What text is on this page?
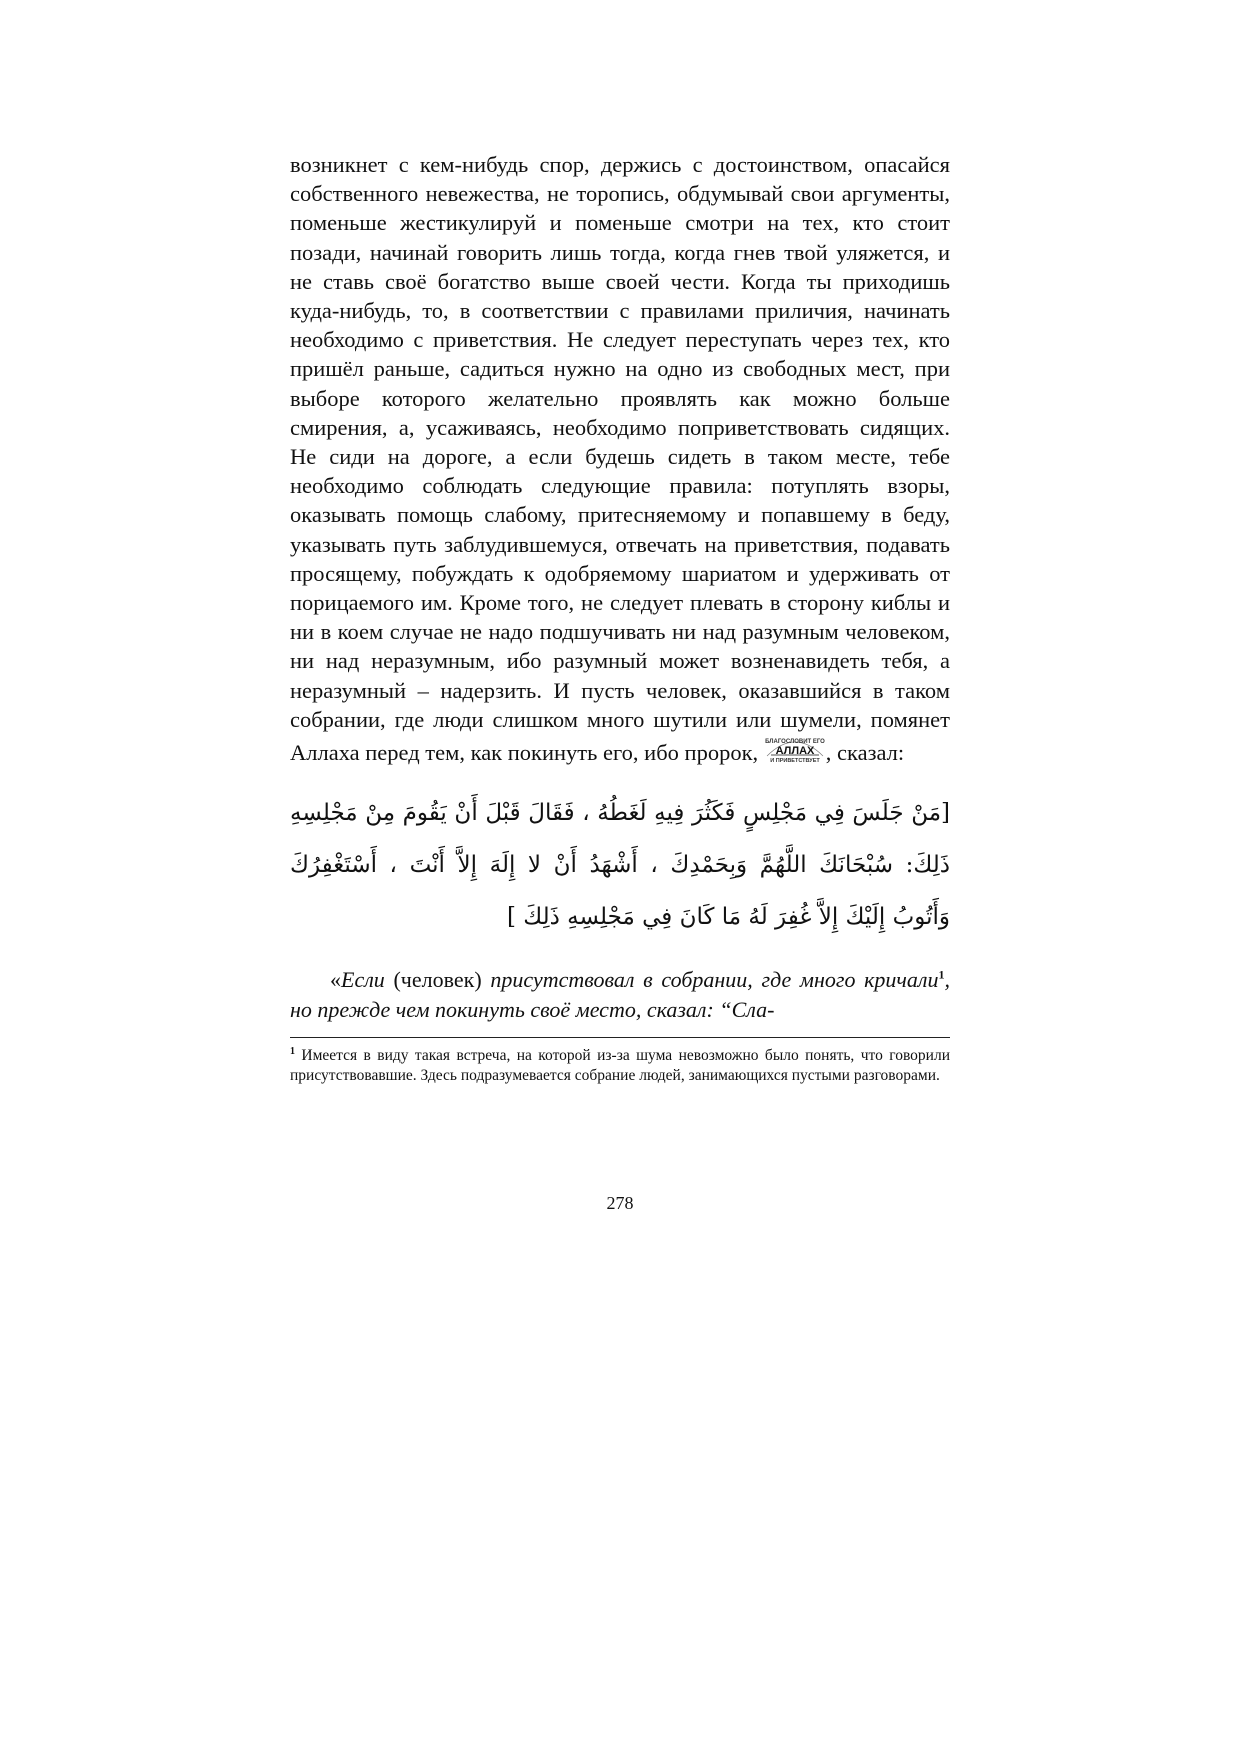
возникнет с кем-нибудь спор, держись с достоинством, опасайся собственного невежества, не торопись, обдумывай свои аргументы, поменьше жестикулируй и поменьше смотри на тех, кто стоит позади, начинай говорить лишь тогда, когда гнев твой уляжется, и не ставь своё богатство выше своей чести. Когда ты приходишь куда-нибудь, то, в соответствии с правилами приличия, начинать необходимо с приветствия. Не следует переступать через тех, кто пришёл раньше, садиться нужно на одно из свободных мест, при выборе которого желательно проявлять как можно больше смирения, а, усаживаясь, необходимо поприветствовать сидящих. Не сиди на дороге, а если будешь сидеть в таком месте, тебе необходимо соблюдать следующие правила: потуплять взоры, оказывать помощь слабому, притесняемому и попавшему в беду, указывать путь заблудившемуся, отвечать на приветствия, подавать просящему, побуждать к одобряемому шариатом и удерживать от порицаемого им. Кроме того, не следует плевать в сторону киблы и ни в коем случае не надо подшучивать ни над разумным человеком, ни над неразумным, ибо разумный может возненавидеть тебя, а неразумный – надерзить. И пусть человек, оказавшийся в таком собрании, где люди слишком много шутили или шумели, помянет Аллаха перед тем, как покинуть его, ибо пророк, БЛАГОСЛОВИТ ЕГО
АЛЛАХ
И ПРИВЕТСТВУЕТ , сказал:

[مَنْ جَلَسَ فِي مَجْلِسٍ فَكَثُرَ فِيهِ لَغَطُهُ ، فَقَالَ قَبْلَ أَنْ يَقُومَ مِنْ مَجْلِسِهِ ذَلِكَ: سُبْحَانَكَ اللَّهُمَّ وَبِحَمْدِكَ ، أَشْهَدُ أَنْ لا إِلَهَ إِلاَّ أَنْتَ ، أَسْتَغْفِرُكَ وَأَتُوبُ إِلَيْكَ إِلاَّ غُفِرَ لَهُ مَا كَانَ فِي مَجْلِسِهِ ذَلِكَ ]

«Если (человек) присутствовал в собрании, где много кричали$^1$, но прежде чем покинуть своё место, сказал: “Сла-

$^1$ Имеется в виду такая встреча, на которой из-за шума невозможно было понять, что говорили присутствовавшие. Здесь подразумевается собрание людей, занимающихся пустыми разговорами.

278
